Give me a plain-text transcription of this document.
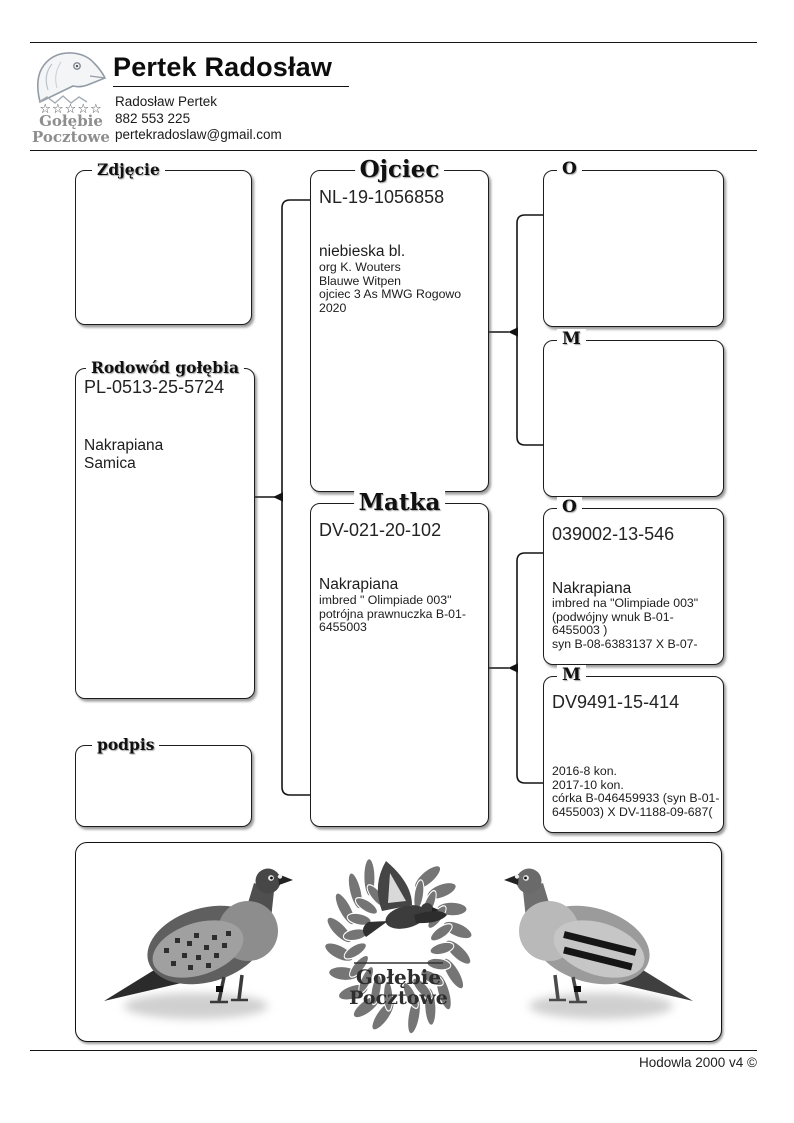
☆☆☆☆☆
Gołębie
Pocztowe
Pertek Radosław
Radosław Pertek
882 553 225
pertekradoslaw@gmail.com
Zdjęcie
Rodowód gołębia
PL-0513-25-5724
Nakrapiana
Samica
podpis
Ojciec
NL-19-1056858
niebieska bl.
org K. Wouters
Blauwe Witpen
ojciec 3 As MWG Rogowo
2020
Matka
DV-021-20-102
Nakrapiana
imbred " Olimpiade 003"
potrójna prawnuczka B-01-
6455003
O
M
O
039002-13-546
Nakrapiana
imbred na "Olimpiade 003"
(podwójny wnuk B-01-
6455003 )
syn B-08-6383137 X B-07-
M
DV9491-15-414
2016-8 kon.
2017-10 kon.
córka B-046459933 (syn B-01-
6455003) X DV-1188-09-687(
Gołębie
Pocztowe
Hodowla 2000 v4 ©
